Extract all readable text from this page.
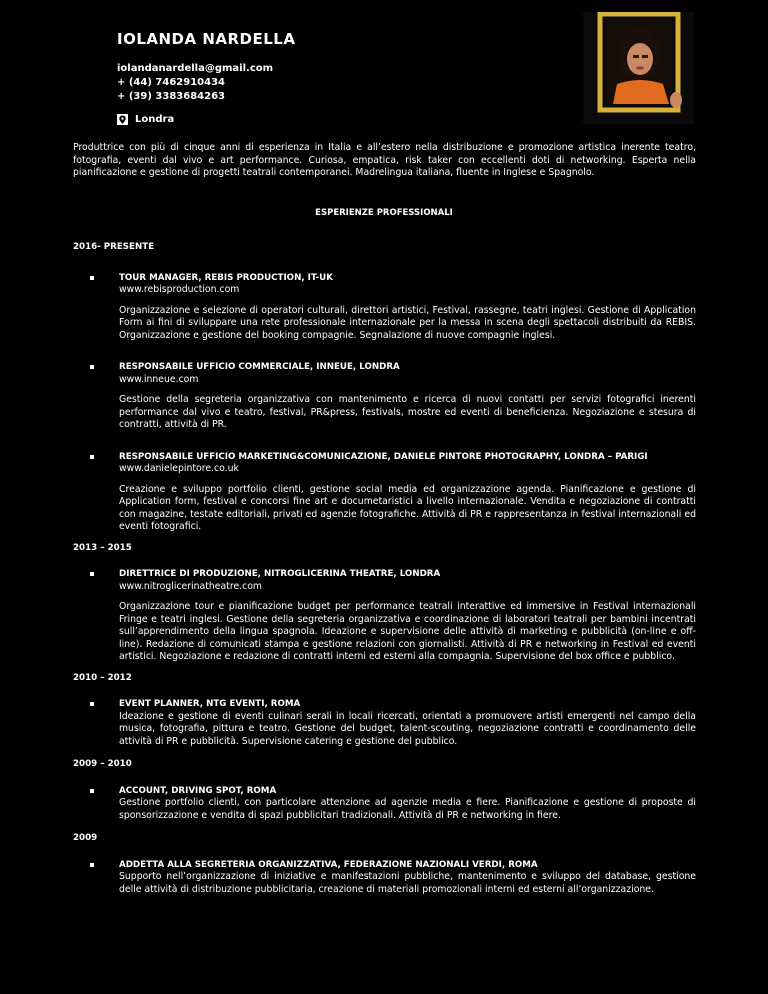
IOLANDA NARDELLA
iolandanardella@gmail.com
+ (44) 7462910434
+ (39) 3383684263
Londra
Produttrice con più di cinque anni di esperienza in Italia e all’estero nella distribuzione e promozione artistica inerente teatro, fotografia, eventi dal vivo e art performance. Curiosa, empatica, risk taker con eccellenti doti di networking. Esperta nella pianificazione e gestione di progetti teatrali contemporanei. Madrelingua italiana, fluente in Inglese e Spagnolo.
ESPERIENZE PROFESSIONALI
2016- PRESENTE
TOUR MANAGER, REBIS PRODUCTION, IT-UK
www.rebisproduction.com
Organizzazione e selezione di operatori culturali, direttori artistici, Festival, rassegne, teatri inglesi. Gestione di Application Form ai fini di sviluppare una rete professionale internazionale per la messa in scena degli spettacoli distribuiti da REBIS. Organizzazione e gestione del booking compagnie. Segnalazione di nuove compagnie inglesi.
RESPONSABILE UFFICIO COMMERCIALE, INNEUE, LONDRA
www.inneue.com
Gestione della segreteria organizzativa con mantenimento e ricerca di nuovi contatti per servizi fotografici inerenti performance dal vivo e teatro, festival, PR&press, festivals, mostre ed eventi di beneficienza. Negoziazione e stesura di contratti, attività di PR.
RESPONSABILE UFFICIO MARKETING&COMUNICAZIONE, DANIELE PINTORE PHOTOGRAPHY, LONDRA – PARIGI
www.danielepintore.co.uk
Creazione e sviluppo portfolio clienti, gestione social media ed organizzazione agenda. Pianificazione e gestione di Application form, festival e concorsi fine art e documetaristici a livello internazionale. Vendita e negoziazione di contratti con magazine, testate editoriali, privati ed agenzie fotografiche. Attività di PR e rappresentanza in festival internazionali ed eventi fotografici.
2013 – 2015
DIRETTRICE DI PRODUZIONE, NITROGLICERINA THEATRE, LONDRA
www.nitroglicerinatheatre.com
Organizzazione tour e pianificazione budget per performance teatrali interattive ed immersive in Festival internazionali Fringe e teatri inglesi. Gestione della segreteria organizzativa e coordinazione di laboratori teatrali per bambini incentrati sull’apprendimento della lingua spagnola. Ideazione e supervisione delle attività di marketing e pubblicità (on-line e off-line). Redazione di comunicati stampa e gestione relazioni con giornalisti. Attività di PR e networking in Festival ed eventi artistici. Negoziazione e redazione di contratti interni ed esterni alla compagnia. Supervisione del box office e pubblico.
2010 – 2012
EVENT PLANNER, NTG EVENTI, ROMA
Ideazione e gestione di eventi culinari serali in locali ricercati, orientati a promuovere artisti emergenti nel campo della musica, fotografia, pittura e teatro. Gestione del budget, talent-scouting, negoziazione contratti e coordinamento delle attività di PR e pubblicità. Supervisione catering e gestione del pubblico.
2009 – 2010
ACCOUNT, DRIVING SPOT, ROMA
Gestione portfolio clienti, con particolare attenzione ad agenzie media e fiere. Pianificazione e gestione di proposte di sponsorizzazione e vendita di spazi pubblicitari tradizionali. Attività di PR e networking in fiere.
2009
ADDETTA ALLA SEGRETERIA ORGANIZZATIVA, FEDERAZIONE NAZIONALI VERDI, ROMA
Supporto nell’organizzazione di iniziative e manifestazioni pubbliche, mantenimento e sviluppo del database, gestione delle attività di distribuzione pubblicitaria, creazione di materiali promozionali interni ed esterni all’organizzazione.
